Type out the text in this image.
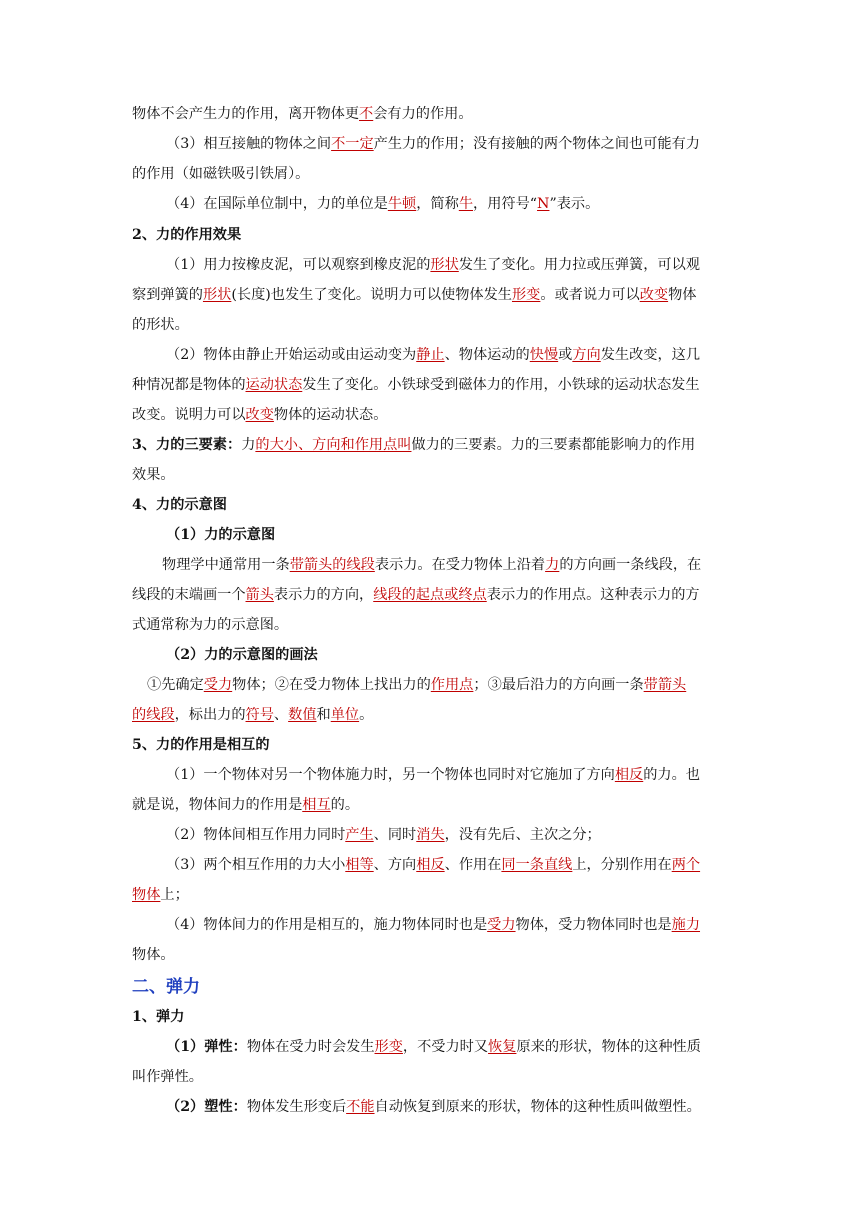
物体不会产生力的作用，离开物体更不会有力的作用。
（3）相互接触的物体之间不一定产生力的作用；没有接触的两个物体之间也可能有力
的作用（如磁铁吸引铁屑）。
（4）在国际单位制中，力的单位是牛顿，简称牛，用符号“N”表示。
2、力的作用效果
（1）用力按橡皮泥，可以观察到橡皮泥的形状发生了变化。用力拉或压弹簧，可以观
察到弹簧的形状(长度)也发生了变化。说明力可以使物体发生形变。或者说力可以改变物体
的形状。
（2）物体由静止开始运动或由运动变为静止、物体运动的快慢或方向发生改变，这几
种情况都是物体的运动状态发生了变化。小铁球受到磁体力的作用，小铁球的运动状态发生
改变。说明力可以改变物体的运动状态。
3、力的三要素：力的大小、方向和作用点叫做力的三要素。力的三要素都能影响力的作用
效果。
4、力的示意图
（1）力的示意图
物理学中通常用一条带箭头的线段表示力。在受力物体上沿着力的方向画一条线段，在
线段的末端画一个箭头表示力的方向，线段的起点或终点表示力的作用点。这种表示力的方
式通常称为力的示意图。
（2）力的示意图的画法
①先确定受力物体；②在受力物体上找出力的作用点；③最后沿力的方向画一条带箭头
的线段，标出力的符号、数值和单位。
5、力的作用是相互的
（1）一个物体对另一个物体施力时，另一个物体也同时对它施加了方向相反的力。也
就是说，物体间力的作用是相互的。
（2）物体间相互作用力同时产生、同时消失，没有先后、主次之分；
（3）两个相互作用的力大小相等、方向相反、作用在同一条直线上，分别作用在两个
物体上；
（4）物体间力的作用是相互的，施力物体同时也是受力物体，受力物体同时也是施力
物体。
二、弹力
1、弹力
（1）弹性：物体在受力时会发生形变，不受力时又恢复原来的形状，物体的这种性质
叫作弹性。
（2）塑性：物体发生形变后不能自动恢复到原来的形状，物体的这种性质叫做塑性。
